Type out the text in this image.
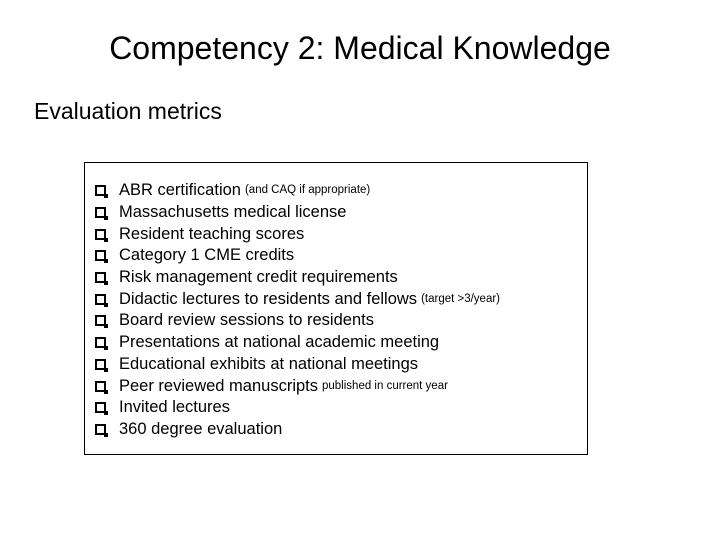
Competency 2: Medical Knowledge
Evaluation metrics
ABR certification (and CAQ if appropriate)
Massachusetts medical license
Resident teaching scores
Category 1 CME credits
Risk management credit requirements
Didactic lectures to residents and fellows (target >3/year)
Board review sessions to residents
Presentations at national academic meeting
Educational exhibits at national meetings
Peer reviewed manuscripts published in current year
Invited lectures
360 degree evaluation
